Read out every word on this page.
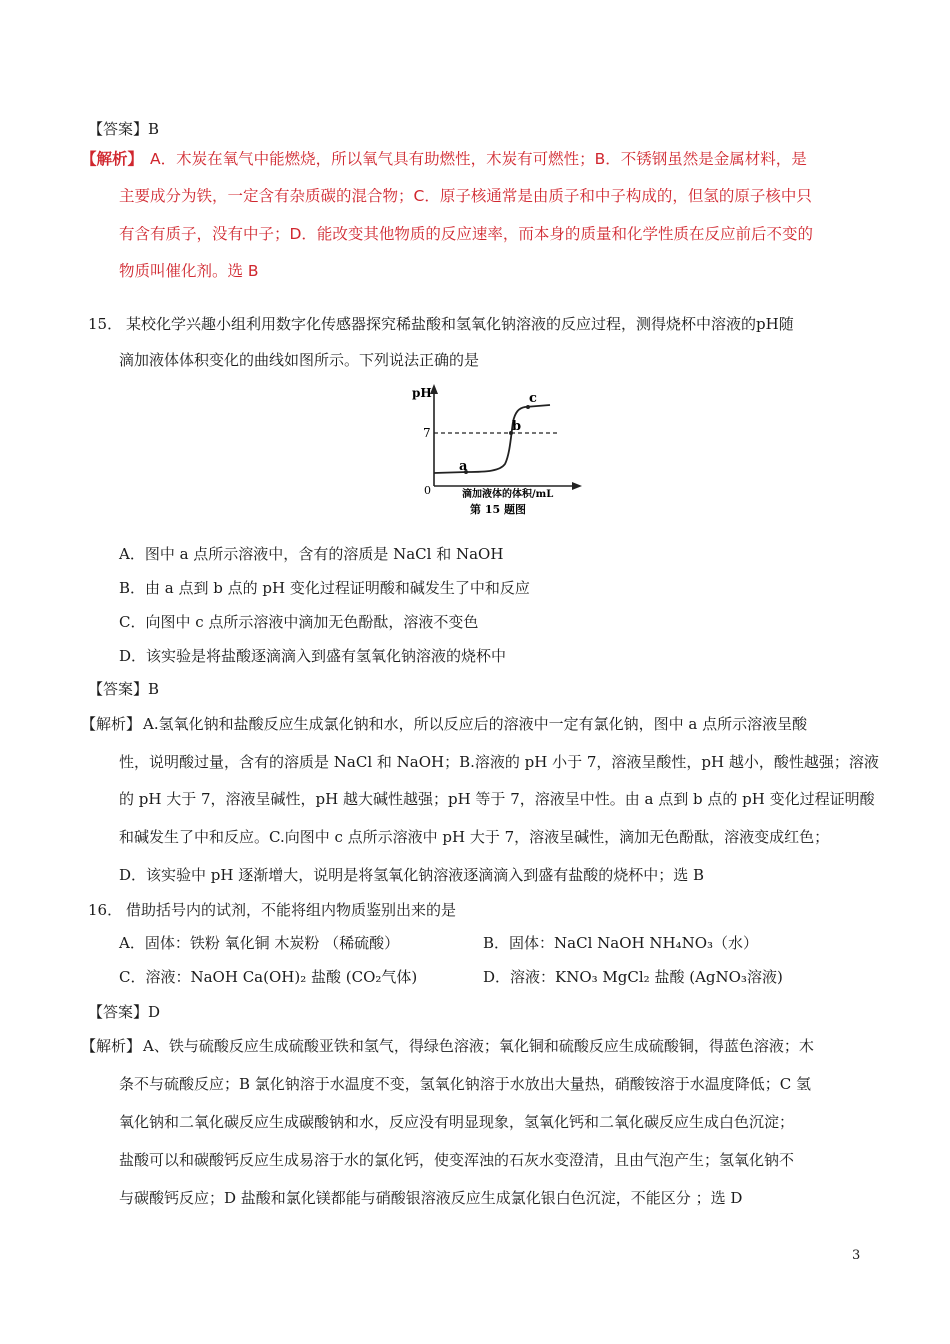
【答案】B
【解析】 A．木炭在氧气中能燃烧，所以氧气具有助燃性，木炭有可燃性；B．不锈钢虽然是金属材料，是
主要成分为铁，一定含有杂质碳的混合物；C．原子核通常是由质子和中子构成的，但氢的原子核中只
有含有质子，没有中子；D．能改变其他物质的反应速率，而本身的质量和化学性质在反应前后不变的
物质叫催化剂。选 B
15． 某校化学兴趣小组利用数字化传感器探究稀盐酸和氢氧化钠溶液的反应过程，测得烧杯中溶液的pH随
滴加液体体积变化的曲线如图所示。下列说法正确的是
pH
7
0
a
b
c
滴加液体的体积/mL
第 15 题图
A．图中 a 点所示溶液中，含有的溶质是 NaCl 和 NaOH
B．由 a 点到 b 点的 pH 变化过程证明酸和碱发生了中和反应
C．向图中 c 点所示溶液中滴加无色酚酞，溶液不变色
D．该实验是将盐酸逐滴滴入到盛有氢氧化钠溶液的烧杯中
【答案】B
【解析】 A.氢氧化钠和盐酸反应生成氯化钠和水，所以反应后的溶液中一定有氯化钠，图中 a 点所示溶液呈酸
性，说明酸过量，含有的溶质是 NaCl 和 NaOH；B.溶液的 pH 小于 7，溶液呈酸性，pH 越小，酸性越强；溶液
的 pH 大于 7，溶液呈碱性，pH 越大碱性越强；pH 等于 7，溶液呈中性。由 a 点到 b 点的 pH 变化过程证明酸
和碱发生了中和反应。C.向图中 c 点所示溶液中 pH 大于 7，溶液呈碱性，滴加无色酚酞，溶液变成红色；
D．该实验中 pH 逐渐增大，说明是将氢氧化钠溶液逐滴滴入到盛有盐酸的烧杯中；选 B
16． 借助括号内的试剂，不能将组内物质鉴别出来的是
A．固体：铁粉 氧化铜 木炭粉 （稀硫酸）	B．固体：NaCl NaOH NH₄NO₃（水）
C．溶液：NaOH Ca(OH)₂ 盐酸 (CO₂气体)	D．溶液：KNO₃ MgCl₂ 盐酸 (AgNO₃溶液)
【答案】D
【解析】 A、铁与硫酸反应生成硫酸亚铁和氢气，得绿色溶液；氧化铜和硫酸反应生成硫酸铜，得蓝色溶液；木
条不与硫酸反应；B 氯化钠溶于水温度不变，氢氧化钠溶于水放出大量热，硝酸铵溶于水温度降低；C 氢
氧化钠和二氧化碳反应生成碳酸钠和水，反应没有明显现象，氢氧化钙和二氧化碳反应生成白色沉淀；
盐酸可以和碳酸钙反应生成易溶于水的氯化钙，使变浑浊的石灰水变澄清，且由气泡产生；氢氧化钠不
与碳酸钙反应；D 盐酸和氯化镁都能与硝酸银溶液反应生成氯化银白色沉淀，不能区分 ；选 D
3
